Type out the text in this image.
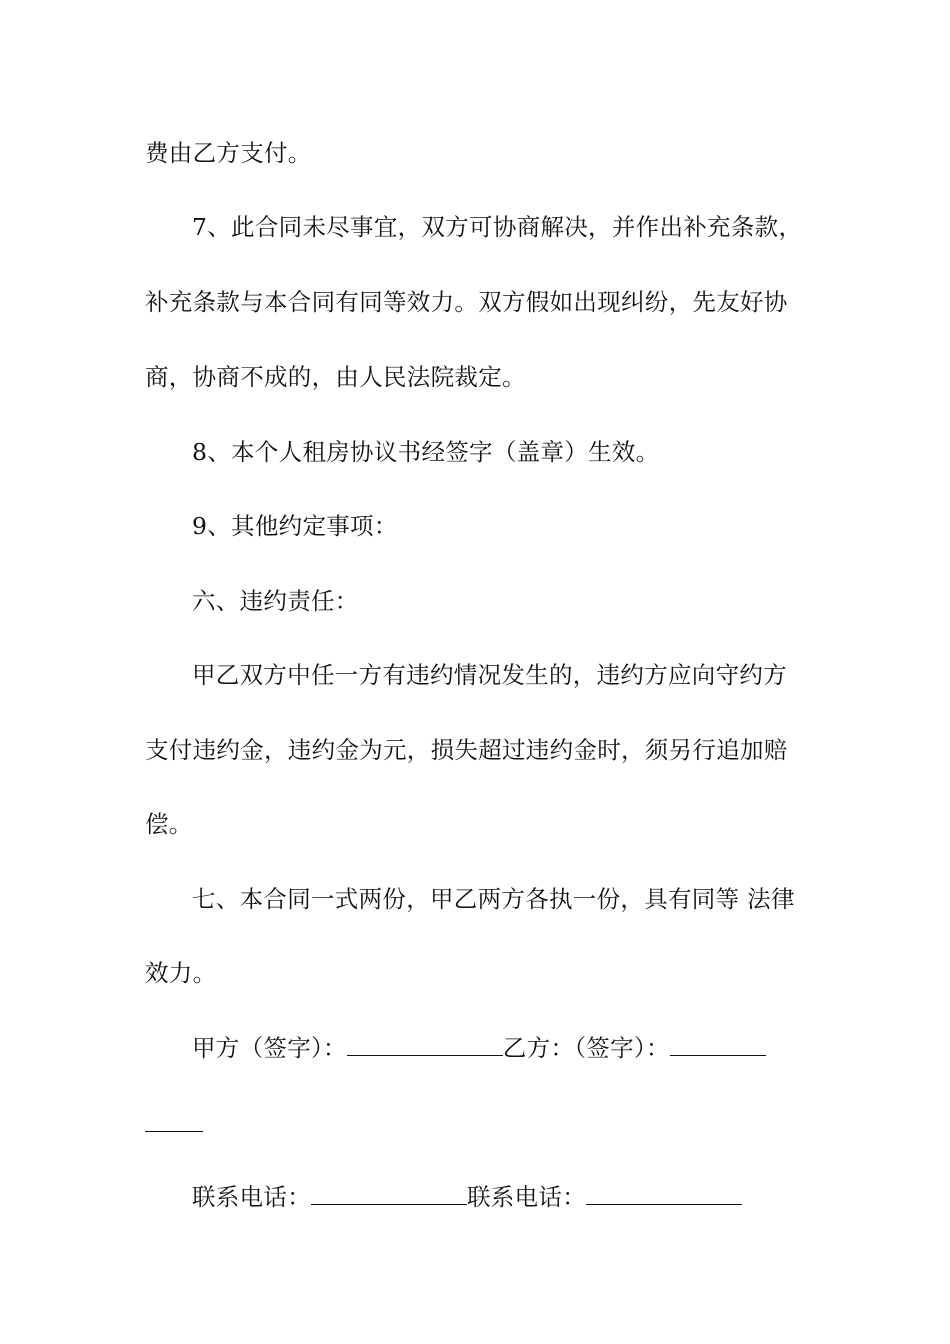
费由乙方支付。
7、此合同未尽事宜，双方可协商解决，并作出补充条款，
补充条款与本合同有同等效力。双方假如出现纠纷，先友好协
商，协商不成的，由人民法院裁定。
8、本个人租房协议书经签字（盖章）生效。
9、其他约定事项：
六、违约责任：
甲乙双方中任一方有违约情况发生的，违约方应向守约方
支付违约金，违约金为元，损失超过违约金时，须另行追加赔
偿。
七、本合同一式两份，甲乙两方各执一份，具有同等 法律
效力。
甲方（签字）：	乙方：（签字）：
联系电话：	联系电话：
